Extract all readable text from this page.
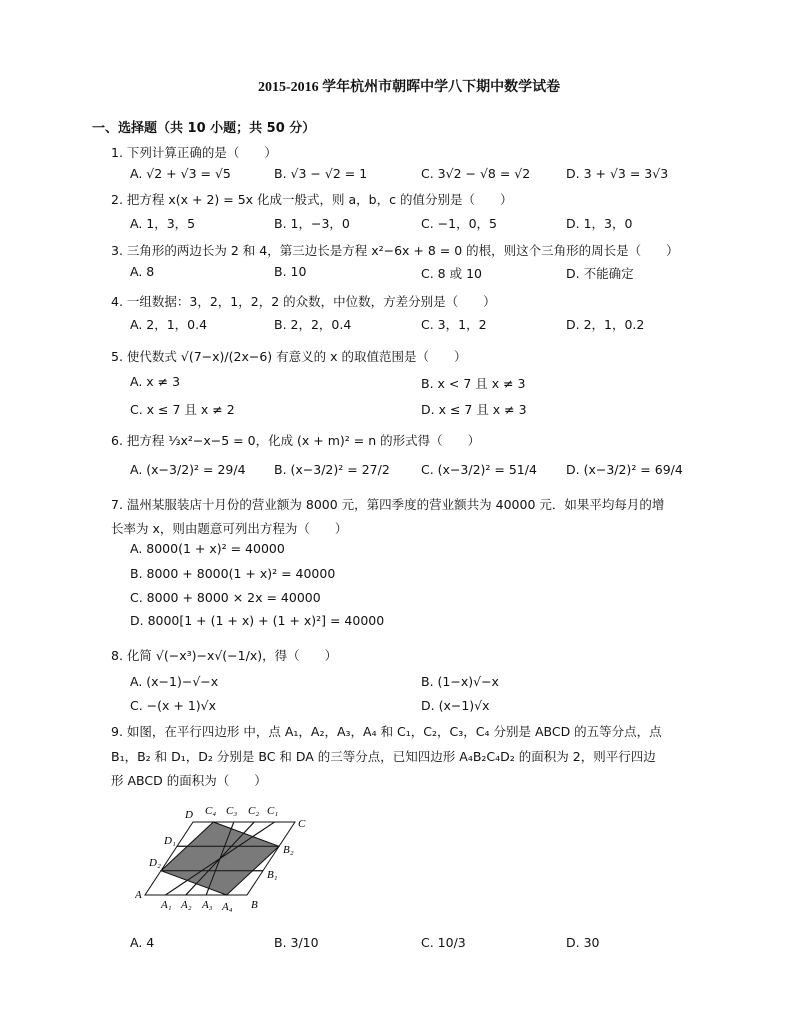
2015-2016 学年杭州市朝晖中学八下期中数学试卷
一、选择题（共 10 小题；共 50 分）
1. 下列计算正确的是（　　）
A. √2 + √3 = √5	B. √3 − √2 = 1	C. 3√2 − √8 = √2	D. 3 + √3 = 3√3
2. 把方程 x(x + 2) = 5x 化成一般式，则 a，b，c 的值分别是（　　）
A. 1，3，5	B. 1，−3，0	C. −1，0，5	D. 1，3，0
3. 三角形的两边长为 2 和 4，第三边长是方程 x²−6x + 8 = 0 的根，则这个三角形的周长是（　　）
A. 8	B. 10	C. 8 或 10	D. 不能确定
4. 一组数据：3，2，1，2，2 的众数，中位数，方差分别是（　　）
A. 2，1，0.4	B. 2，2，0.4	C. 3，1，2	D. 2，1，0.2
5. 使代数式 √(7−x)/(2x−6) 有意义的 x 的取值范围是（　　）
A. x ≠ 3	B. x < 7 且 x ≠ 3
C. x ≤ 7 且 x ≠ 2	D. x ≤ 7 且 x ≠ 3
6. 把方程 ⅓x²−x−5 = 0，化成 (x + m)² = n 的形式得（　　）
A. (x−3/2)² = 29/4 B. (x−3/2)² = 27/2 C. (x−3/2)² = 51/4 D. (x−3/2)² = 69/4
7. 温州某服装店十月份的营业额为 8000 元，第四季度的营业额共为 40000 元．如果平均每月的增
长率为 x，则由题意可列出方程为（　　）
A. 8000(1 + x)² = 40000
B. 8000 + 8000(1 + x)² = 40000
C. 8000 + 8000 × 2x = 40000
D. 8000[1 + (1 + x) + (1 + x)²] = 40000
8. 化简 √(−x³)−x√(−1/x)，得（　　）
A. (x−1)−√−x	B. (1−x)√−x
C. −(x + 1)√x	D. (x−1)√x
9. 如图，在平行四边形 中，点 A₁，A₂，A₃，A₄ 和 C₁，C₂，C₃，C₄ 分别是 ABCD 的五等分点，点
B₁，B₂ 和 D₁，D₂ 分别是 BC 和 DA 的三等分点，已知四边形 A₄B₂C₄D₂ 的面积为 2，则平行四边
形 ABCD 的面积为（　　）
A
B
C
D
A₁ A₂ A₃ A₄
C₄ C₃ C₂ C₁
D₁
D₂
B₂
B₁
A. 4	B. 3/10	C. 10/3	D. 30
